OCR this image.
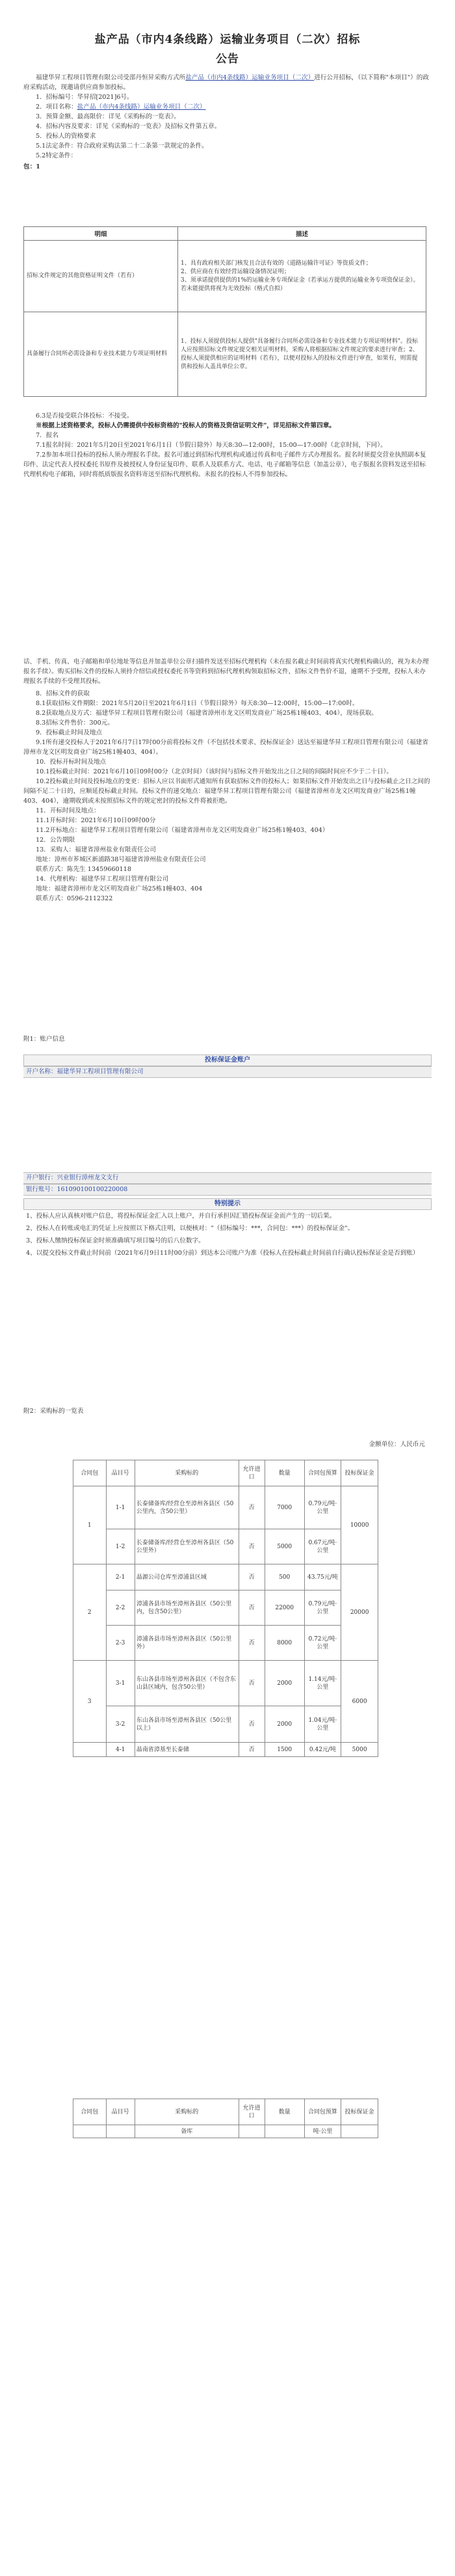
盐产品（市内4条线路）运输业务项目（二次）招标
公告

福建华昇工程项目管理有限公司受邵丹恒昇采购方式所盐产品（市内4条线路）运输业务项目（二次）进行公开招标，（以下简称"本项目"）的政府采购活动，现邀请供应商参加投标。

1．招标编号：华昇招[2021]6号。

2．项目名称：盐产品（市内4条线路）运输业务项目（二次）

3．预算金额、最高限价：详见《采购标的一览表》。

4．招标内容及要求：详见《采购标的一览表》及招标文件第五章。

5．投标人的资格要求

5.1法定条件：符合政府采购法第二十二条第一款规定的条件。

5.2特定条件：

包：1

明细	描述
招标文件规定的其他资格证明文件（若有）	1、具有政府相关部门核发且合法有效的《道路运输许可证》等资质文件；
2、供应商在有效经营运输设备情况证明；
3、须承诺提供提供的1%的运输业务专项保证金（若承运方提供的运输业务专项资保证金）。若未能提供将视为无效投标（格式自拟）
具备履行合同所必需设备和专业技术能力专项证明材料	1、投标人须提供投标人提供"具备履行合同所必需设备和专业技术能力专项证明材料"。投标人应按照招标文件规定提交相关证明材料，采购人将根据招标文件规定的要求进行审查；2、投标人须提供相应的证明材料（若有），以便对投标人的投标文件进行审查，如果有，则需提供和投标人盖具单位公章。

6.3是否接受联合体投标：不接受。

※根据上述资格要求，投标人仍需提供中投标资格的"投标人的资格及资信证明文件"，详见招标文件第四章。

7．报名

7.1报名时间：2021年5月20日至2021年6月1日（节假日除外）每天8:30—12:00时，15:00—17:00时（北京时间，下同）。

7.2参加本项目投标的投标人须办理报名手续。报名可通过到招标代理机构或通过传真和电子邮件方式办理报名。报名时须提交营业执照副本复印件、法定代表人授权委托书原件及被授权人身份证复印件、联系人及联系方式、电话、电子邮箱等信息（加盖公章），电子版报名资料发送至招标代理机构电子邮箱，同时将纸质版报名资料寄送至招标代理机构。未报名的投标人不得参加投标。

话、手机、传真、电子邮箱和单位地址等信息并加盖单位公章扫描件发送至招标代理机构（未在报名截止时间前将真实代理机构确认的，视为未办理报名手续）。购买招标文件的投标人须持介绍信或授权委托书等资料到招标代理机构领取招标文件，招标文件售价不退，逾期不予受理，投标人未办理报名手续的不受理其投标。

8．招标文件的获取

8.1获取招标文件期限：2021年5月20日至2021年6月1日（节假日除外）每天8:30—12:00时，15:00—17:00时。

8.2获取地点及方式：福建华昇工程项目管理有限公司（福建省漳州市龙文区明发商业广场25栋1幢403、404），现场获取。

8.3招标文件售价：300元。

9．投标截止时间及地点

9.1所有递交投标人于2021年6月7日17时00分前将投标文件（不包括技术要求、投标保证金）送达至福建华昇工程项目管理有限公司（福建省漳州市龙文区明发商业广场25栋1幢403、404）。

10．投标开标时间及地点

10.1投标截止时间：2021年6月10日09时00分（北京时间）（该时间与招标文件开始发出之日之间的间隔时间应不少于二十日）。

10.2投标截止时间及投标地点的变更：招标人应以书面形式通知所有获取招标文件的投标人；如果招标文件开始发出之日与投标截止之日之间的间隔不足二十日的，应顺延投标截止时间。投标文件的递交地点：福建华昇工程项目管理有限公司（福建省漳州市龙文区明发商业广场25栋1幢403、404），逾期收到或未按照招标文件的规定密封的投标文件将被拒绝。

11．开标时间及地点：

11.1开标时间：2021年6月10日09时00分

11.2开标地点：福建华昇工程项目管理有限公司（福建省漳州市龙文区明发商业广场25栋1幢403、404）

12．公告期限

13．采购人：福建省漳州盐业有限责任公司

地址：漳州市芗城区新浦路38号福建省漳州盐业有限责任公司

联系方式：陈先生 13459660118

14．代理机构：福建华昇工程项目管理有限公司

地址：福建省漳州市龙文区明发商业广场25栋1幢403、404

联系方式：0596-2112322

附1：账户信息

投标保证金账户
开户名称：福建华昇工程项目管理有限公司
开户银行：兴业银行漳州龙文支行
银行账号：161090100100220008
特别提示

1、投标人应认真核对账户信息，将投标保证金汇入以上账户，并自行承担因汇错投标保证金而产生的一切后果。

2、投标人在转账或电汇的凭证上应按照以下格式注明，以便核对："（招标编号：***，合同包：***）的投标保证金"。

3、投标人缴纳投标保证金时须准确填写项目编号的后八位数字。

4、以提交投标文件截止时间前（2021年6月9日11时00分前）到达本公司账户为准（投标人在投标截止时间前自行确认投标保证金是否到账）

附2：采购标的一览表

金额单位：人民币元

合同包	品目号	采购标的	允许进口	数量	合同包预算	投标保证金
1	1-1	长泰储备库/经营仓至漳州各县区（50公里内，含50公里）	否	7000	0.79元/吨·公里	10000
	1-2	长泰储备库/经营仓至漳州各县区（50公里外）	否	5000	0.67元/吨·公里	
2	2-1	晶源公司仓库至漳浦县区域	否	500	43.75元/吨	20000
	2-2	漳浦各县市场至漳州各县区（50公里内，包含50公里）	否	22000	0.79元/吨·公里	
	2-3	漳浦各县市场至漳州各县区（50公里外）	否	8000	0.72元/吨·公里	
3	3-1	东山各县市场至漳州各县区（不包含东山县区域内，包含50公里）	否	2000	1.14元/吨·公里	6000
	3-2	东山各县市场至漳州各县区（50公里以上）	否	2000	1.04元/吨·公里	
	4-1	晶南省漳基至长泰储	否	1500	0.42元/吨	5000
合同包	品目号	采购标的	允许进口	数量	合同包预算	投标保证金
		备库			吨·公里	
